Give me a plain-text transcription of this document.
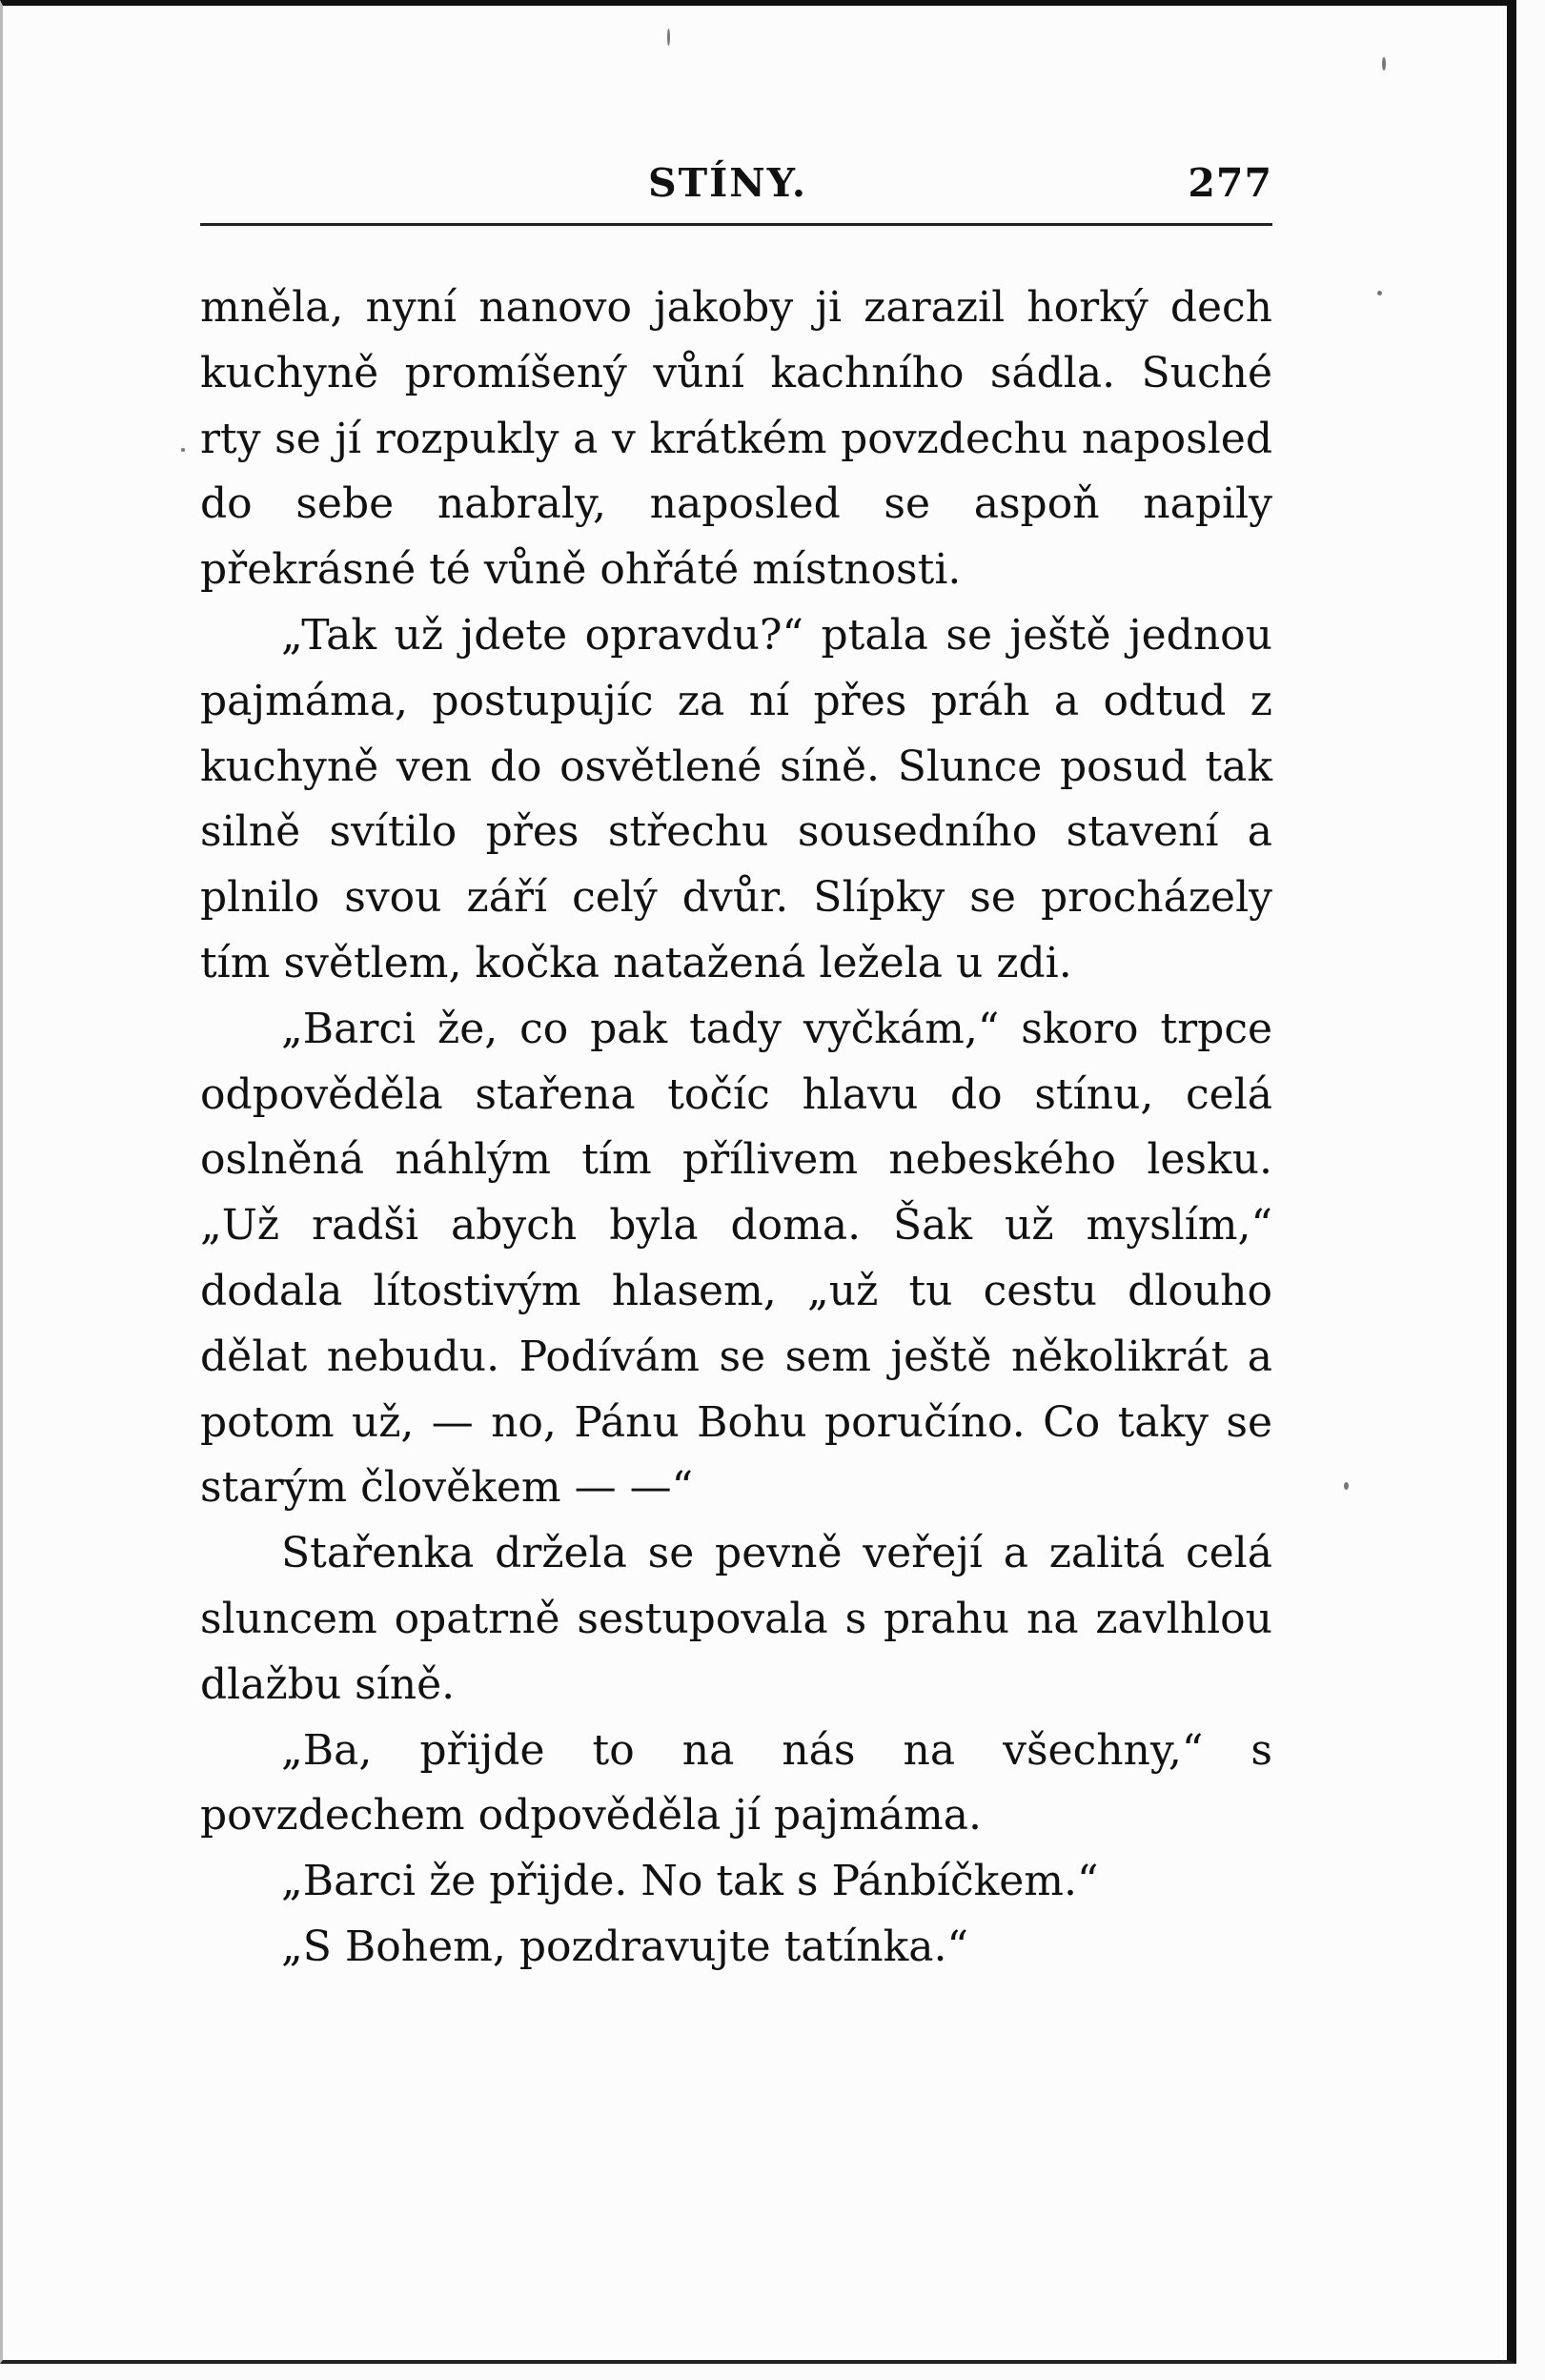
STÍNY.	277

mněla, nyní nanovo jakoby ji zarazil horký dech kuchyně promíšený vůní kachního sádla. Suché rty se jí rozpukly a v krátkém povzdechu naposled do sebe nabraly, naposled se aspoň napily překrásné té vůně ohřáté místnosti.

„Tak už jdete opravdu?“ ptala se ještě jednou pajmáma, postupujíc za ní přes práh a odtud z kuchyně ven do osvětlené síně. Slunce posud tak silně svítilo přes střechu sousedního stavení a plnilo svou září celý dvůr. Slípky se procházely tím světlem, kočka natažená ležela u zdi.

„Barci že, co pak tady vyčkám,“ skoro trpce odpověděla stařena točíc hlavu do stínu, celá oslněná náhlým tím přílivem nebeského lesku. „Už radši abych byla doma. Šak už myslím,“ dodala lítostivým hlasem, „už tu cestu dlouho dělat nebudu. Podívám se sem ještě několikrát a potom už, — no, Pánu Bohu poručíno. Co taky se starým člověkem — —“

Stařenka držela se pevně veřejí a zalitá celá sluncem opatrně sestupovala s prahu na zavlhlou dlažbu síně.

„Ba, přijde to na nás na všechny,“ s povzdechem odpověděla jí pajmáma.

„Barci že přijde. No tak s Pánbíčkem.“

„S Bohem, pozdravujte tatínka.“
